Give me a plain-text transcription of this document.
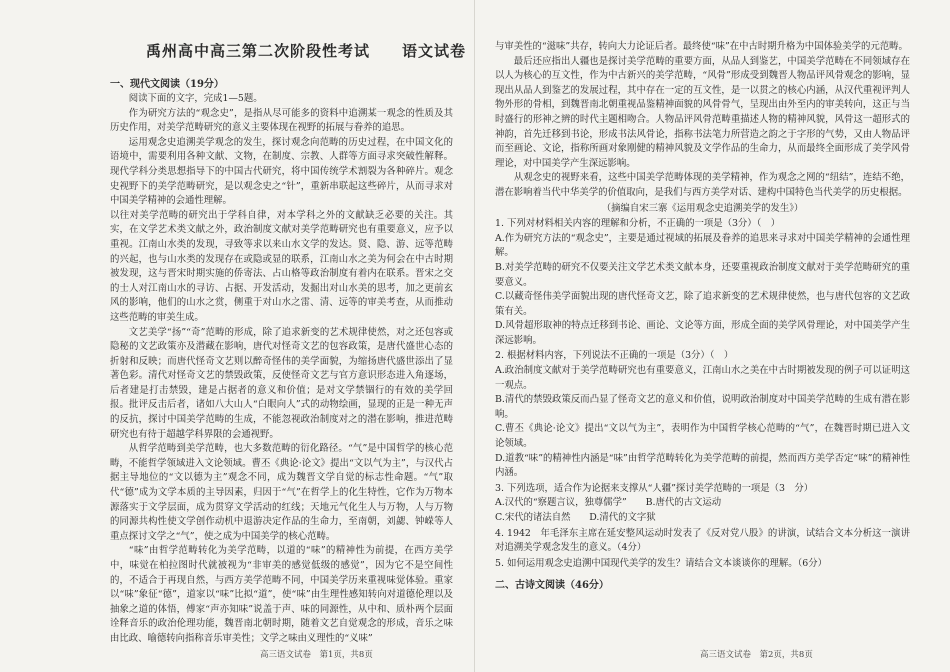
禹州高中高三第二次阶段性考试　　语文试卷
一、现代文阅读（19分）

阅读下面的文字，完成1—5题。

作为研究方法的“观念史”，是指从尽可能多的资料中追溯某一观念的性质及其历史作用，对美学范畴研究的意义主要体现在视野的拓展与眷养的追思。

运用观念史追溯美学观念的发生，探讨观念向范畴的历史过程，在中国文化的语境中，需要利用各种文献、文物，在制度、宗教、人群等方面寻求突破性解释。现代学科分类思想指导下的中国古代研究，将中国传统学术割裂为各种碎片。观念史视野下的美学范畴研究，是以观念史之“针”，重新串联起这些碎片，从而寻求对中国美学精神的会通性理解。

以往对美学范畴的研究出于学科自律，对本学科之外的文献缺乏必要的关注。其实，在文学艺术类文献之外，政治制度文献对美学范畴研究也有重要意义，应予以重视。江南山水类的发现，寻致等求以来山水文学的发达。贤、隐、游、远等范畴的兴起，也与山水类的发现存在或隐或显的联系，江南山水之美为何会在中古时期被发现，这与晋宋时期实施的侨寄法、占山格等政治制度有着内在联系。晋宋之交的士人对江南山水的寻访、占据、开发活动，发掘出对山水美的思考，加之更前玄风的影响，他们的山水之赏，侧重于对山水之雷、清、远等的审美考查，从而推动这些范畴的审美生成。

文艺美学“扬”“奇”范畴的形成，除了追求新变的艺术规律使然，对之还包容或隐秘的文艺政策亦及潜藏在影响，唐代对怪奇文艺的包容政策，是唐代盛世心态的折射和反映；而唐代怪奇文艺则以醉奇怪伟的美学面貌，为缩扬唐代盛世添出了显著色彩。清代对怪奇文艺的禁毁政策，反使怪奇文艺与官方意识形态进入角逐场，后者建是打击禁毁，建是占据者的意义和价值；是对文学禁锢行的有效的美学回报。批评反击后者，诸如八大山人“白眼向人”式的动物绘画，显现的正是一种无声的反抗，探讨中国美学范畴的生成，不能忽视政治制度对之的潜在影响，推进范畴研究也有待于超越学科界限的会通视野。

从哲学范畴到美学范畴，也大多数范畴的衍化路径。“气”是中国哲学的核心范畴，不能哲学领域进入文论领域。曹丕《典论·论文》提出“文以气为主”，与汉代占据主导地位的“文以德为主”观念不同，成为魏晋文学自觉的标志性命题。“气”取代“德”成为文学本质的主导因素，归因于“气”在哲学上的化生特性，它作为万物本源落实于文学层面，成为贯穿文学活动的红线；天地元气化生人与万物，人与万物的同源共构性使文学创作动机中退游决定作品的生命力，至南朝，刘勰、钟嵘等人重点探讨文学之“气”，使之成为中国美学的核心范畴。

“味”由哲学范畴转化为美学范畴，以道的“味”的精神性为前提，在西方美学中，味觉在柏拉图时代就被视为“非审美的感觉低级的感觉”，因为它不是空间性的，不适合于再现自然，与西方美学范畴不同，中国美学历来重视味觉体验。重家以“味”象征“德”，道家以“味”比拟“道”，使“味”由生理性感知转向对道德伦理以及抽象之道的体悟，傅家“声亦知味”说盖于声、味的同源性，从中和、质朴两个层面诠释音乐的政治伦理功能，魏晋南北朝时期，随着文艺自觉观念的形成，音乐之味由比政、喻德转向指称音乐审美性；文学之味由义理性的“义味”

高三语文试卷　第1页，共8页

与审美性的“滋味”共存，转向大力论证后者。最终使“味”在中古时期升格为中国体验美学的元范畴。

最后还应指出人疆也是探讨美学范畴的重要方面，从品人到鉴艺，中国美学范畴在不同领域存在以人为核心的互文性，作为中古新兴的美学范畴，“风骨”形成受到魏晋人物品评风骨观念的影响，显现出从品人到鉴艺的发展过程，其中存在一定的互文性，是一以贯之的核心内涵，从汉代重视评判人物外形的骨相，到魏晋南北朝重视品鉴精神面貌的风骨骨气，呈现出由外至内的审美转向，这正与当时盛行的形神之辨的时代主题相吻合。人物品评风骨范畴重描述人物的精神风貌，风骨这一超形式的神韵，首先迁移到书论，形成书法风骨论，指称书法笔力所营造之韵之于字形的气势，又由人物品评而至画论、文论，指称所画对象刚健的精神风貌及文学作品的生命力，从而最终全面形成了美学风骨理论，对中国美学产生深远影响。

从观念史的视野来看，这些中国美学范畴体现的美学精神，作为观念之网的“纽结”，连结不绝，潜在影响着当代中华美学的价值取向，是我们与西方美学对话、建构中国特色当代美学的历史根据。

（摘编自宋三寨《运用观念史追溯美学的发生》）

1. 下列对材料相关内容的理解和分析，不正确的一项是（3分）（　）

A.作为研究方法的“观念史”，主要是通过视域的拓展及眷养的追思来寻求对中国美学精神的会通性理解。

B.对美学范畴的研究不仅要关注文学艺术类文献本身，还要重视政治制度文献对于美学范畴研究的重要意义。

C.以藏奇怪伟美学面貌出现的唐代怪奇文艺，除了追求新变的艺术规律使然，也与唐代包容的文艺政策有关。

D.风骨超形取神的特点迁移到书论、画论、文论等方面，形成全面的美学风骨理论，对中国美学产生深远影响。

2. 根据材料内容，下列说法不正确的一项是（3分）（　）

A.政治制度文献对于美学范畴研究也有重要意义，江南山水之美在中古时期被发现的例子可以证明这一观点。

B.清代的禁毁政策反而凸显了怪奇文艺的意义和价值，说明政治制度对中国美学范畴的生成有潜在影响。

C.曹丕《典论·论文》提出“文以气为主”，表明作为中国哲学核心范畴的“气”，在魏晋时期已进入文论领域。

D.道教“味”的精神性内涵是“味”由哲学范畴转化为美学范畴的前提，然而西方美学否定“味”的精神性内涵。

3. 下列选项，适合作为论据来支撑从“人疆”探讨美学范畴的一项是（3　分）

A.汉代的“察题言议，独尊儒学”　　B.唐代的古文运动

C.宋代的诸法自然　　D.清代的文字狱

4. 1942　年毛泽东主席在延安整风运动时发表了《反对党八股》的讲演，试结合文本分析这一演讲对追溯美学观念发生的意义。（4分）

5. 如何运用观念史追溯中国现代美学的发生？请结合文本谈谈你的理解。（6分）

二、古诗文阅读（46分）

高三语文试卷　第2页，共8页
